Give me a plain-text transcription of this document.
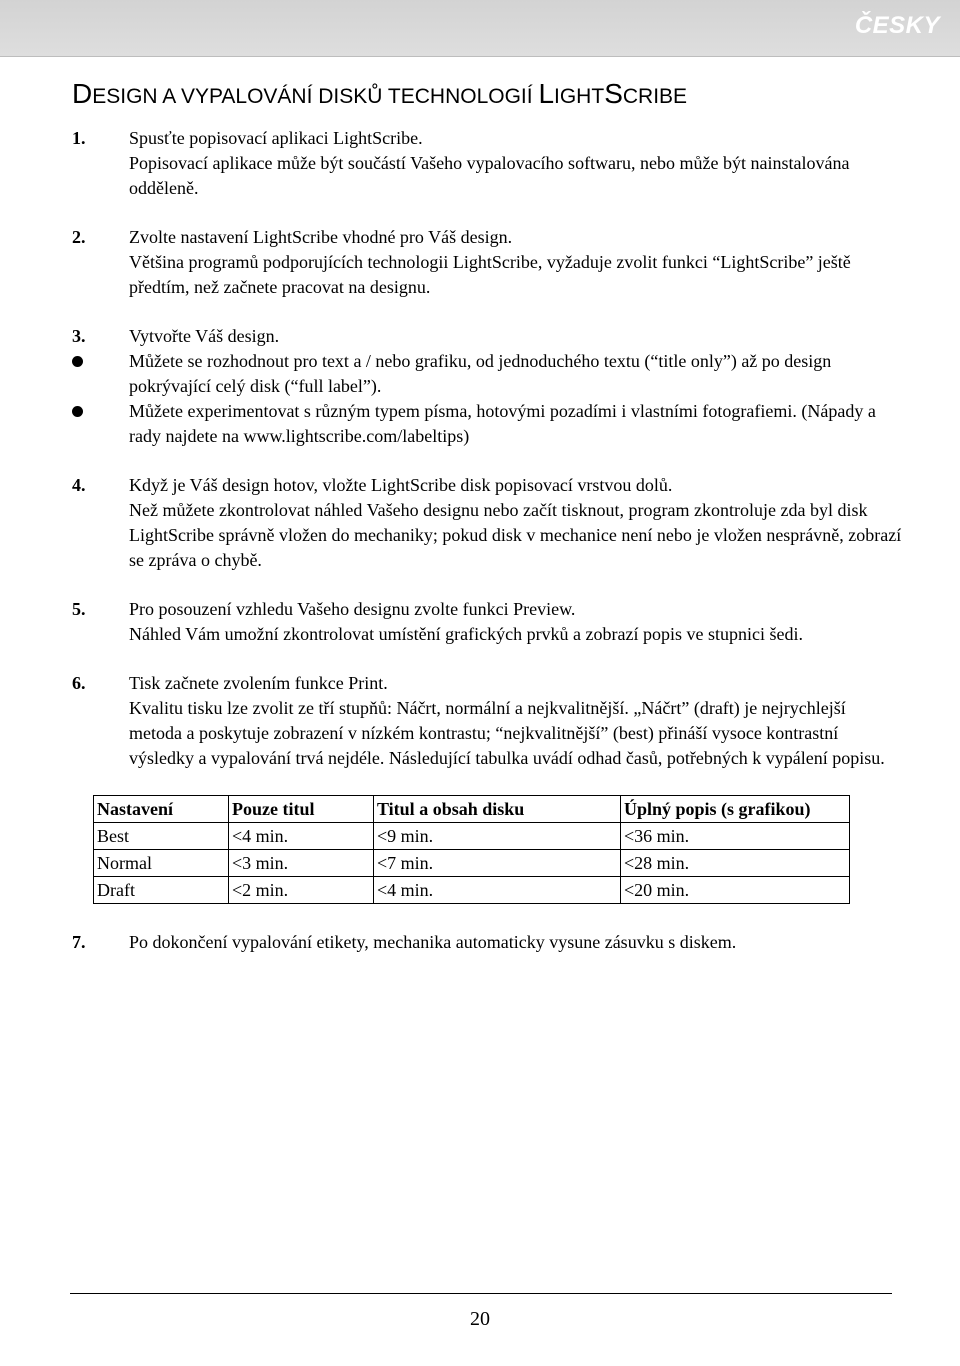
ČESKY
DESIGN A VYPALOVÁNÍ DISKŮ TECHNOLOGIÍ LIGHTSCRIBE
1. Spusťte popisovací aplikaci LightScribe.

Popisovací aplikace může být součástí Vašeho vypalovacího softwaru, nebo může být nainstalována odděleně.

2. Zvolte nastavení LightScribe vhodné pro Váš design.

Většina programů podporujících technologii LightScribe, vyžaduje zvolit funkci “LightScribe” ještě předtím, než začnete pracovat na designu.

3. Vytvořte Váš design.

Můžete se rozhodnout pro text a / nebo grafiku, od jednoduchého textu (“title only”) až po design pokrývající celý disk (“full label”).
Můžete experimentovat s různým typem písma, hotovými pozadími i vlastními fotografiemi. (Nápady a rady najdete na www.lightscribe.com/labeltips)
4. Když je Váš design hotov, vložte LightScribe disk popisovací vrstvou dolů.

Než můžete zkontrolovat náhled Vašeho designu nebo začít tisknout, program zkontroluje zda byl disk LightScribe správně vložen do mechaniky; pokud disk v mechanice není nebo je vložen nesprávně, zobrazí se zpráva o chybě.

5. Pro posouzení vzhledu Vašeho designu zvolte funkci Preview.

Náhled Vám umožní zkontrolovat umístění grafických prvků a zobrazí popis ve stupnici šedi.

6. Tisk začnete zvolením funkce Print.

Kvalitu tisku lze zvolit ze tří stupňů: Náčrt, normální a nejkvalitnější. „Náčrt” (draft) je nejrychlejší metoda a poskytuje zobrazení v nízkém kontrastu; “nejkvalitnější” (best) přináší vysoce kontrastní výsledky a vypalování trvá nejdéle. Následující tabulka uvádí odhad časů, potřebných k vypálení popisu.

Nastavení	Pouze titul	Titul a obsah disku	Úplný popis (s grafikou)
Best	<4 min.	<9 min.	<36 min.
Normal	<3 min.	<7 min.	<28 min.
Draft	<2 min.	<4 min.	<20 min.
7. Po dokončení vypalování etikety, mechanika automaticky vysune zásuvku s diskem.

20
